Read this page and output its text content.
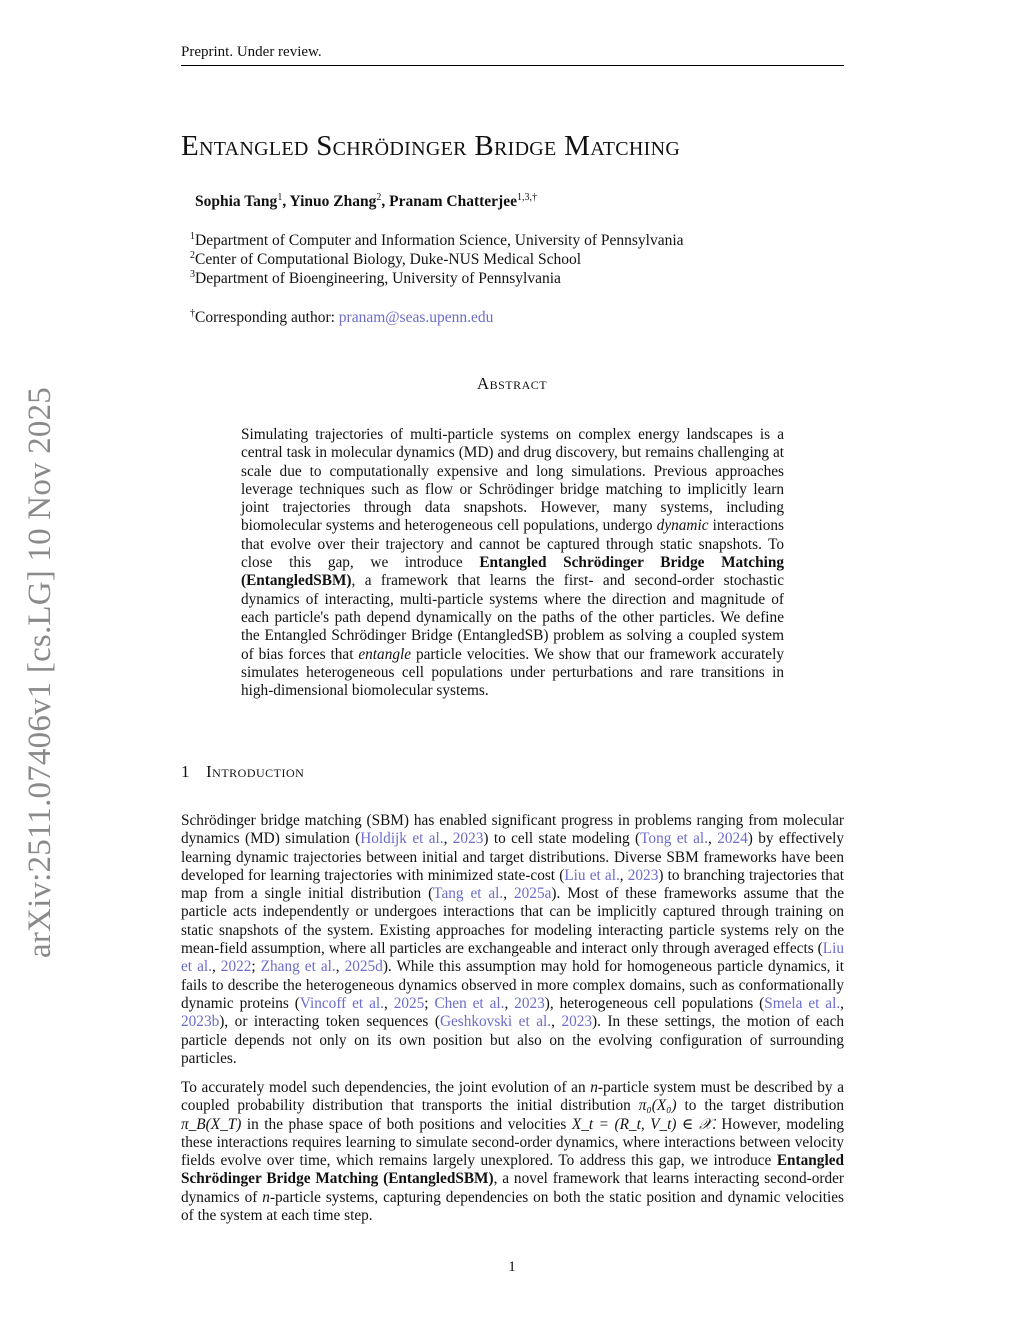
Preprint. Under review.
arXiv:2511.07406v1 [cs.LG] 10 Nov 2025
Entangled Schrödinger Bridge Matching
Sophia Tang$^1$, Yinuo Zhang$^2$, Pranam Chatterjee$^{1,3,\dagger}$
$^1$Department of Computer and Information Science, University of Pennsylvania
$^2$Center of Computational Biology, Duke-NUS Medical School
$^3$Department of Bioengineering, University of Pennsylvania
†Corresponding author: pranam@seas.upenn.edu
Abstract
Simulating trajectories of multi-particle systems on complex energy landscapes is a central task in molecular dynamics (MD) and drug discovery, but remains challenging at scale due to computationally expensive and long simulations. Previous approaches leverage techniques such as flow or Schrödinger bridge matching to implicitly learn joint trajectories through data snapshots. However, many systems, including biomolecular systems and heterogeneous cell populations, undergo dynamic interactions that evolve over their trajectory and cannot be captured through static snapshots. To close this gap, we introduce Entangled Schrödinger Bridge Matching (EntangledSBM), a framework that learns the first- and second-order stochastic dynamics of interacting, multi-particle systems where the direction and magnitude of each particle's path depend dynamically on the paths of the other particles. We define the Entangled Schrödinger Bridge (EntangledSB) problem as solving a coupled system of bias forces that entangle particle velocities. We show that our framework accurately simulates heterogeneous cell populations under perturbations and rare transitions in high-dimensional biomolecular systems.
1 Introduction
Schrödinger bridge matching (SBM) has enabled significant progress in problems ranging from molecular dynamics (MD) simulation (Holdijk et al., 2023) to cell state modeling (Tong et al., 2024) by effectively learning dynamic trajectories between initial and target distributions. Diverse SBM frameworks have been developed for learning trajectories with minimized state-cost (Liu et al., 2023) to branching trajectories that map from a single initial distribution (Tang et al., 2025a). Most of these frameworks assume that the particle acts independently or undergoes interactions that can be implicitly captured through training on static snapshots of the system. Existing approaches for modeling interacting particle systems rely on the mean-field assumption, where all particles are exchangeable and interact only through averaged effects (Liu et al., 2022; Zhang et al., 2025d). While this assumption may hold for homogeneous particle dynamics, it fails to describe the heterogeneous dynamics observed in more complex domains, such as conformationally dynamic proteins (Vincoff et al., 2025; Chen et al., 2023), heterogeneous cell populations (Smela et al., 2023b), or interacting token sequences (Geshkovski et al., 2023). In these settings, the motion of each particle depends not only on its own position but also on the evolving configuration of surrounding particles.
To accurately model such dependencies, the joint evolution of an n-particle system must be described by a coupled probability distribution that transports the initial distribution π₀(X₀) to the target distribution π_B(X_T) in the phase space of both positions and velocities X_t = (R_t, V_t) ∈ 𝒳. However, modeling these interactions requires learning to simulate second-order dynamics, where interactions between velocity fields evolve over time, which remains largely unexplored. To address this gap, we introduce Entangled Schrödinger Bridge Matching (EntangledSBM), a novel framework that learns interacting second-order dynamics of n-particle systems, capturing dependencies on both the static position and dynamic velocities of the system at each time step.
1
